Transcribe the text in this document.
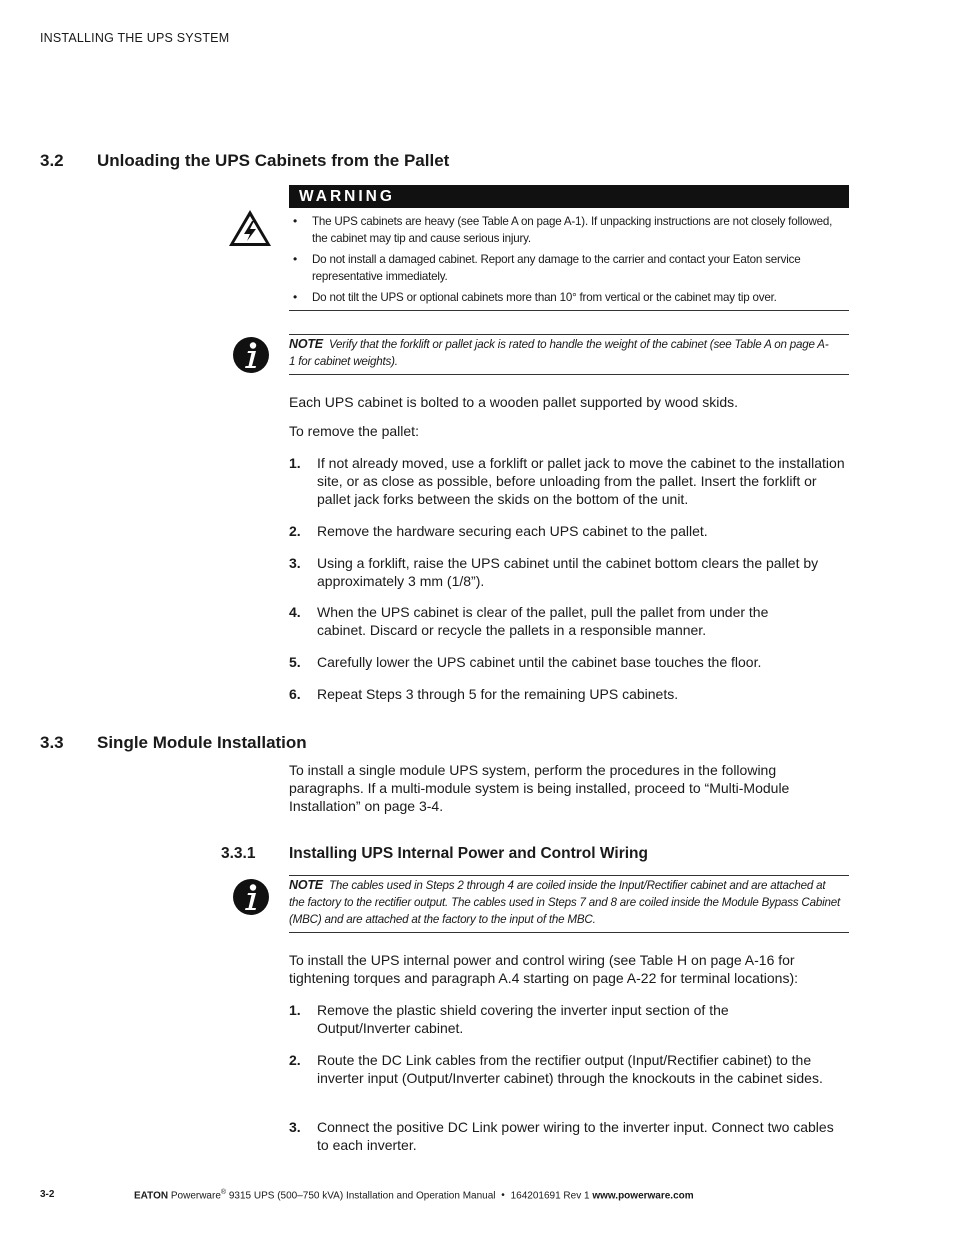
INSTALLING THE UPS SYSTEM
3.2 Unloading the UPS Cabinets from the Pallet
WARNING
• The UPS cabinets are heavy (see Table A on page A-1). If unpacking instructions are not closely followed, the cabinet may tip and cause serious injury.
• Do not install a damaged cabinet. Report any damage to the carrier and contact your Eaton service representative immediately.
• Do not tilt the UPS or optional cabinets more than 10° from vertical or the cabinet may tip over.
NOTE Verify that the forklift or pallet jack is rated to handle the weight of the cabinet (see Table A on page A-1 for cabinet weights).
Each UPS cabinet is bolted to a wooden pallet supported by wood skids.
To remove the pallet:
1. If not already moved, use a forklift or pallet jack to move the cabinet to the installation site, or as close as possible, before unloading from the pallet. Insert the forklift or pallet jack forks between the skids on the bottom of the unit.
2. Remove the hardware securing each UPS cabinet to the pallet.
3. Using a forklift, raise the UPS cabinet until the cabinet bottom clears the pallet by approximately 3 mm (1/8”).
4. When the UPS cabinet is clear of the pallet, pull the pallet from under the cabinet. Discard or recycle the pallets in a responsible manner.
5. Carefully lower the UPS cabinet until the cabinet base touches the floor.
6. Repeat Steps 3 through 5 for the remaining UPS cabinets.
3.3 Single Module Installation
To install a single module UPS system, perform the procedures in the following paragraphs. If a multi-module system is being installed, proceed to “Multi-Module Installation” on page 3-4.
3.3.1 Installing UPS Internal Power and Control Wiring
NOTE The cables used in Steps 2 through 4 are coiled inside the Input/Rectifier cabinet and are attached at the factory to the rectifier output. The cables used in Steps 7 and 8 are coiled inside the Module Bypass Cabinet (MBC) and are attached at the factory to the input of the MBC.
To install the UPS internal power and control wiring (see Table H on page A-16 for tightening torques and paragraph A.4 starting on page A-22 for terminal locations):
1. Remove the plastic shield covering the inverter input section of the Output/Inverter cabinet.
2. Route the DC Link cables from the rectifier output (Input/Rectifier cabinet) to the inverter input (Output/Inverter cabinet) through the knockouts in the cabinet sides.
3. Connect the positive DC Link power wiring to the inverter input. Connect two cables to each inverter.
3-2	EATON Powerware® 9315 UPS (500–750 kVA) Installation and Operation Manual • 164201691 Rev 1 www.powerware.com
